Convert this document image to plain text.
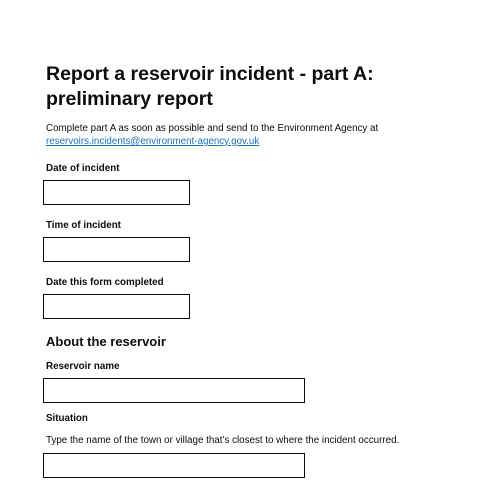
Report a reservoir incident - part A: preliminary report

Complete part A as soon as possible and send to the Environment Agency at
reservoirs.incidents@environment-agency.gov.uk

Date of incident
Time of incident
Date this form completed
About the reservoir
Reservoir name
Situation
Type the name of the town or village that’s closest to where the incident occurred.
